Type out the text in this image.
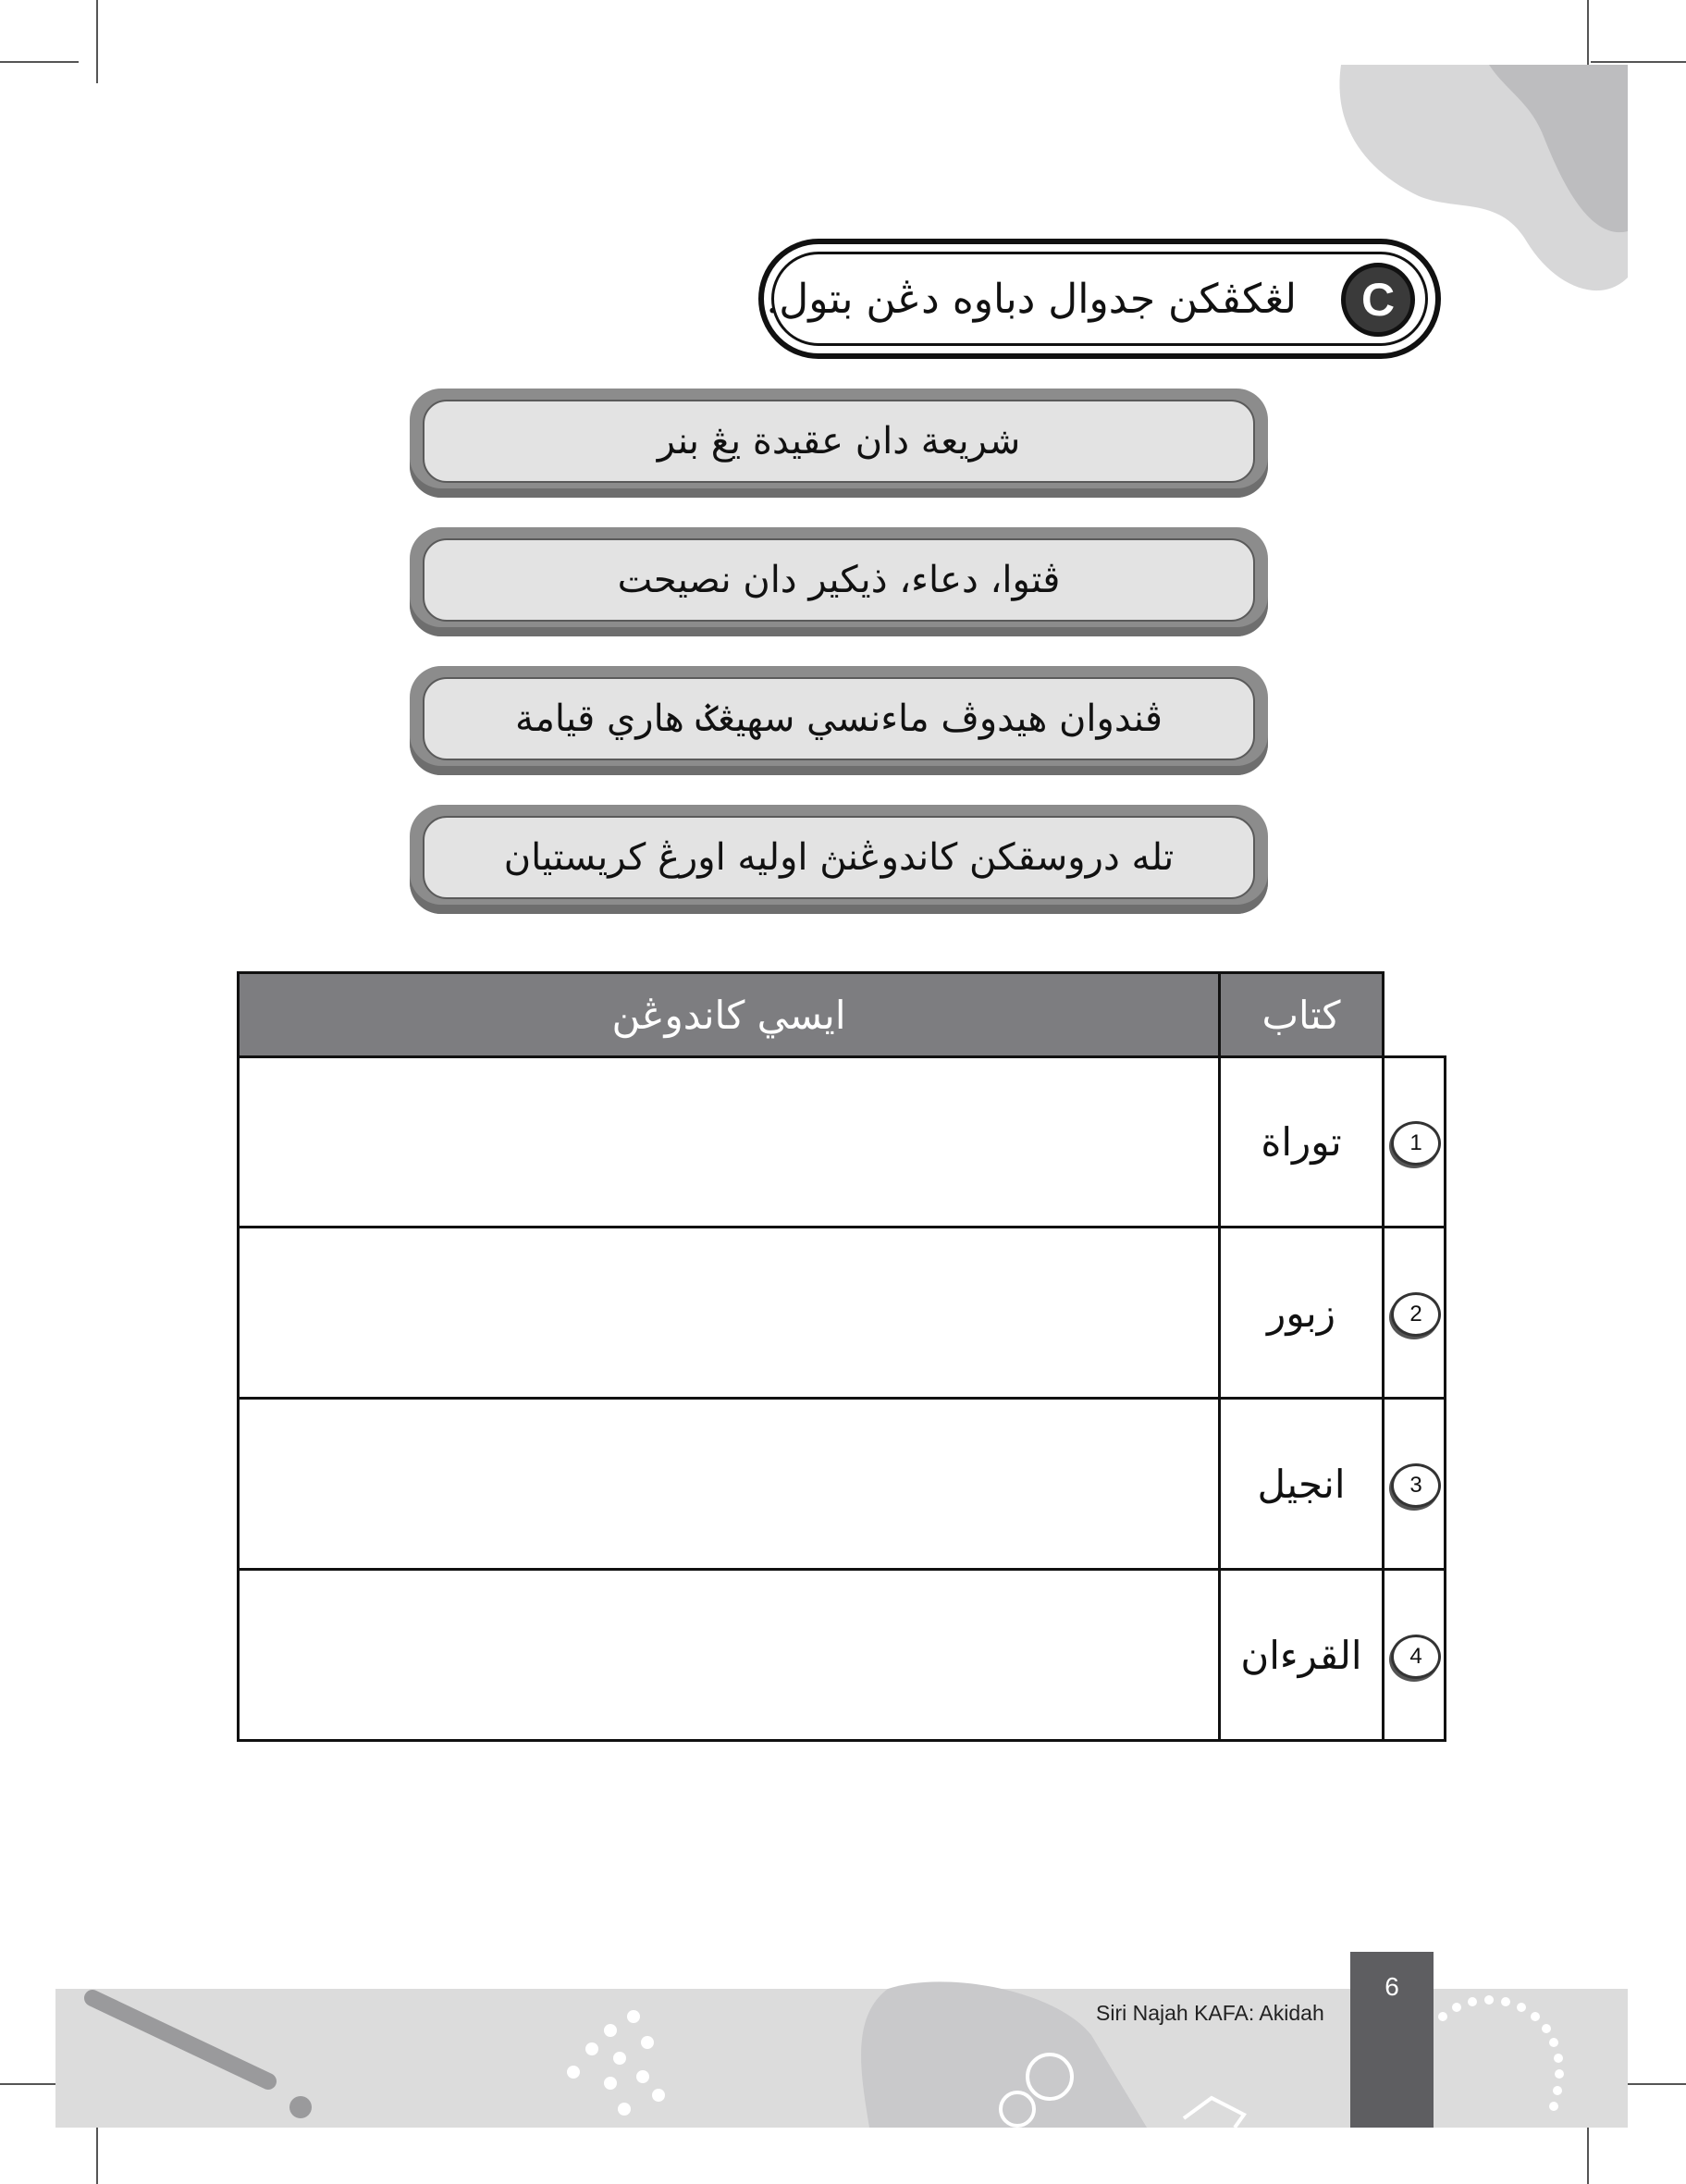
لڠكڤكن جدوال دباوه دڠن بتول.	C
شريعة دان عقيدة يڠ بنر
ڤتوا، دعاء، ذيكير دان نصيحت
ڤندوان هيدوڤ ماءنسي سهيڠݢ هاري قيامة
تله دروسقكن كاندوڠنڽ اوليه اورڠ كريستيان
ايسي كاندوڠن	كتاب
توراة	1
زبور	2
انجيل	3
القرءان	4
Siri Najah KAFA: Akidah
6
